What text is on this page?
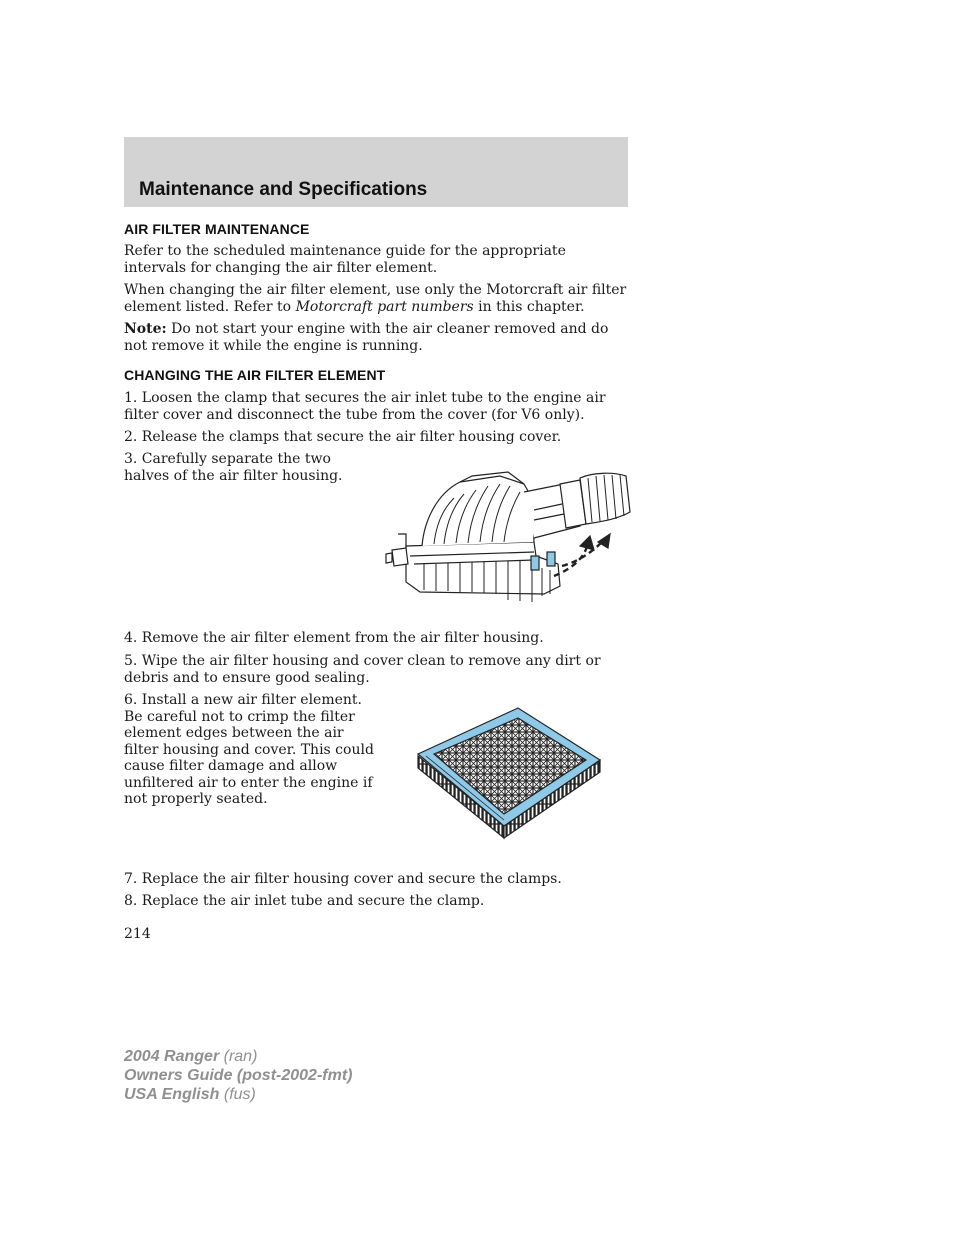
Maintenance and Specifications
AIR FILTER MAINTENANCE

Refer to the scheduled maintenance guide for the appropriate intervals for changing the air filter element.

When changing the air filter element, use only the Motorcraft air filter element listed. Refer to Motorcraft part numbers in this chapter.

Note: Do not start your engine with the air cleaner removed and do not remove it while the engine is running.

CHANGING THE AIR FILTER ELEMENT

1. Loosen the clamp that secures the air inlet tube to the engine air filter cover and disconnect the tube from the cover (for V6 only).

2. Release the clamps that secure the air filter housing cover.

3. Carefully separate the two halves of the air filter housing.

4. Remove the air filter element from the air filter housing.

5. Wipe the air filter housing and cover clean to remove any dirt or debris and to ensure good sealing.

6. Install a new air filter element. Be careful not to crimp the filter element edges between the air filter housing and cover. This could cause filter damage and allow unfiltered air to enter the engine if not properly seated.

7. Replace the air filter housing cover and secure the clamps.

8. Replace the air inlet tube and secure the clamp.

214

2004 Ranger (ran)
Owners Guide (post-2002-fmt)
USA English (fus)
